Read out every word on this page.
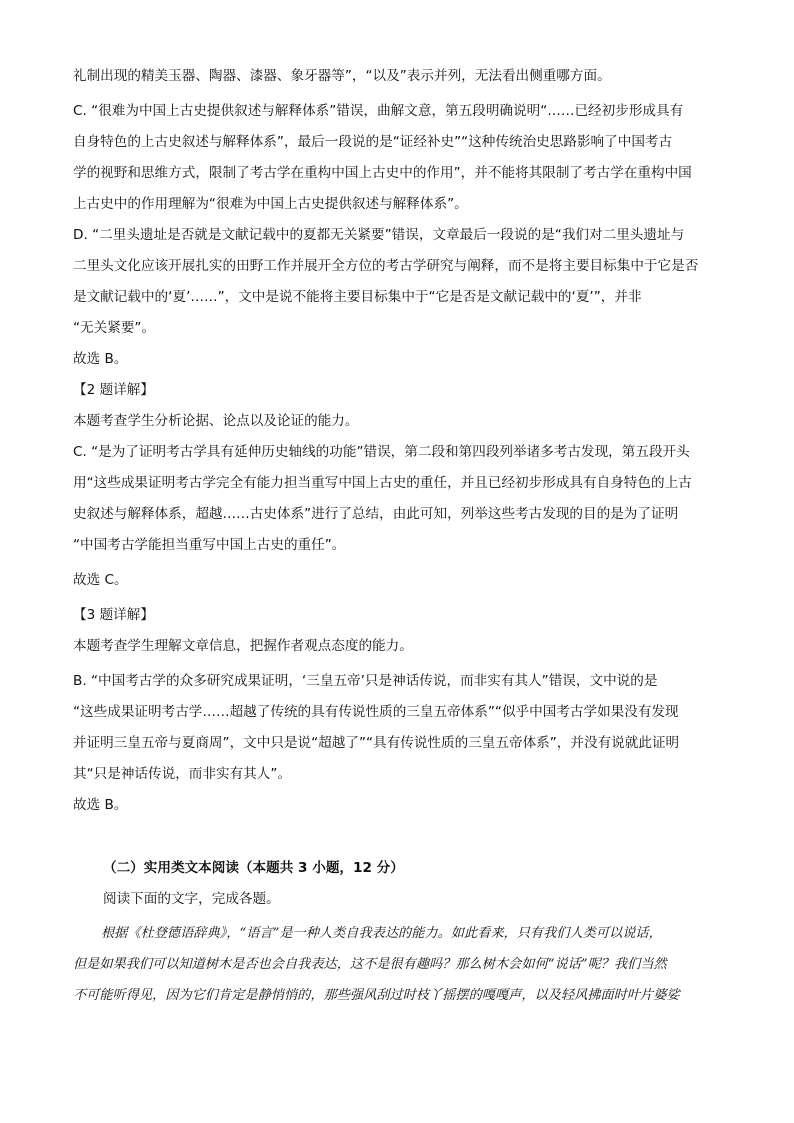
礼制出现的精美玉器、陶器、漆器、象牙器等”，“以及”表示并列，无法看出侧重哪方面。
C. “很难为中国上古史提供叙述与解释体系”错误，曲解文意，第五段明确说明“……已经初步形成具有
自身特色的上古史叙述与解释体系”，最后一段说的是“证经补史”“这种传统治史思路影响了中国考古
学的视野和思维方式，限制了考古学在重构中国上古史中的作用”，并不能将其限制了考古学在重构中国
上古史中的作用理解为“很难为中国上古史提供叙述与解释体系”。
D. “二里头遗址是否就是文献记载中的夏都无关紧要”错误，文章最后一段说的是“我们对二里头遗址与
二里头文化应该开展扎实的田野工作并展开全方位的考古学研究与阐释，而不是将主要目标集中于它是否
是文献记载中的‘夏’……”，文中是说不能将主要目标集中于“它是否是文献记载中的‘夏’”，并非
“无关紧要”。
故选 B。
【2 题详解】
本题考查学生分析论据、论点以及论证的能力。
C. “是为了证明考古学具有延伸历史轴线的功能”错误，第二段和第四段列举诸多考古发现，第五段开头
用“这些成果证明考古学完全有能力担当重写中国上古史的重任，并且已经初步形成具有自身特色的上古
史叙述与解释体系，超越……古史体系”进行了总结，由此可知，列举这些考古发现的目的是为了证明
“中国考古学能担当重写中国上古史的重任”。
故选 C。
【3 题详解】
本题考查学生理解文章信息，把握作者观点态度的能力。
B. “中国考古学的众多研究成果证明，‘三皇五帝’只是神话传说，而非实有其人”错误，文中说的是
“这些成果证明考古学……超越了传统的具有传说性质的三皇五帝体系”“似乎中国考古学如果没有发现
并证明三皇五帝与夏商周”，文中只是说“超越了”“具有传说性质的三皇五帝体系”，并没有说就此证明
其“只是神话传说，而非实有其人”。
故选 B。
（二）实用类文本阅读（本题共 3 小题，12 分）
阅读下面的文字，完成各题。
根据《杜登德语辞典》，“语言”是一种人类自我表达的能力。如此看来，只有我们人类可以说话，
但是如果我们可以知道树木是否也会自我表达，这不是很有趣吗？那么树木会如何“说话”呢？我们当然
不可能听得见，因为它们肯定是静悄悄的，那些强风刮过时枝丫摇摆的嘎嘎声，以及轻风拂面时叶片婆娑
